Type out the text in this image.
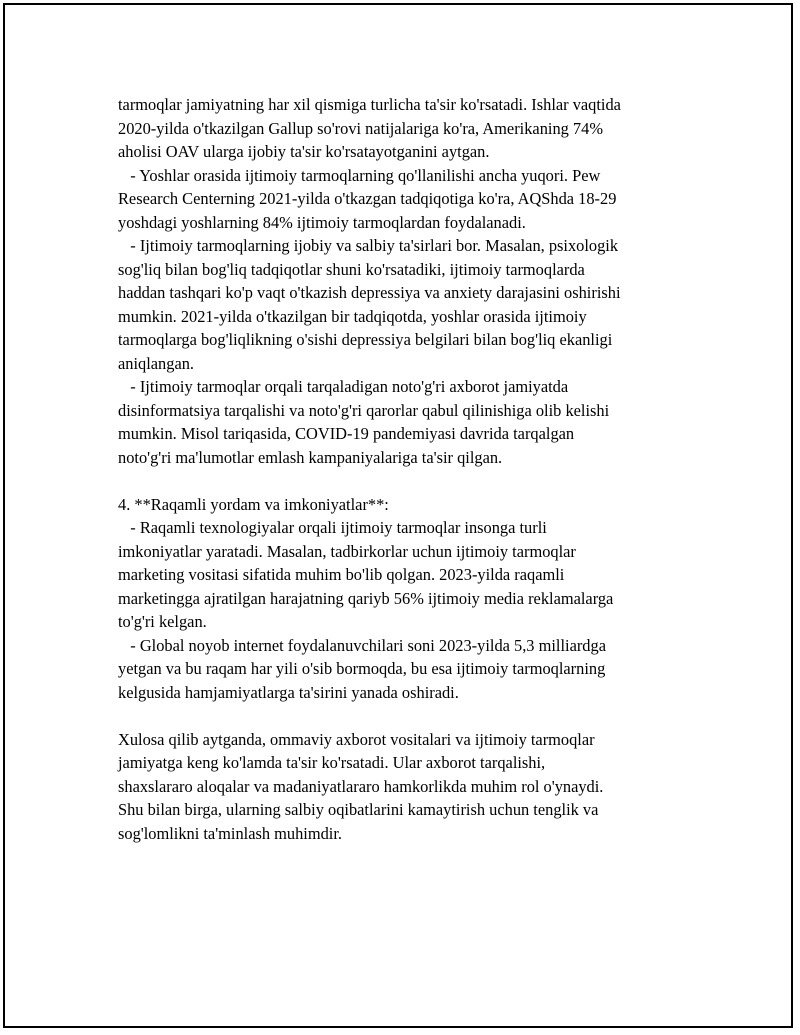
tarmoqlar jamiyatning har xil qismiga turlicha ta'sir ko'rsatadi. Ishlar vaqtida
2020-yilda o'tkazilgan Gallup so'rovi natijalariga ko'ra, Amerikaning 74%
aholisi OAV ularga ijobiy ta'sir ko'rsatayotganini aytgan.
- Yoshlar orasida ijtimoiy tarmoqlarning qo'llanilishi ancha yuqori. Pew
Research Centerning 2021-yilda o'tkazgan tadqiqotiga ko'ra, AQShda 18-29
yoshdagi yoshlarning 84% ijtimoiy tarmoqlardan foydalanadi.
- Ijtimoiy tarmoqlarning ijobiy va salbiy ta'sirlari bor. Masalan, psixologik
sog'liq bilan bog'liq tadqiqotlar shuni ko'rsatadiki, ijtimoiy tarmoqlarda
haddan tashqari ko'p vaqt o'tkazish depressiya va anxiety darajasini oshirishi
mumkin. 2021-yilda o'tkazilgan bir tadqiqotda, yoshlar orasida ijtimoiy
tarmoqlarga bog'liqlikning o'sishi depressiya belgilari bilan bog'liq ekanligi
aniqlangan.
- Ijtimoiy tarmoqlar orqali tarqaladigan noto'g'ri axborot jamiyatda
disinformatsiya tarqalishi va noto'g'ri qarorlar qabul qilinishiga olib kelishi
mumkin. Misol tariqasida, COVID-19 pandemiyasi davrida tarqalgan
noto'g'ri ma'lumotlar emlash kampaniyalariga ta'sir qilgan.
4. **Raqamli yordam va imkoniyatlar**:
- Raqamli texnologiyalar orqali ijtimoiy tarmoqlar insonga turli
imkoniyatlar yaratadi. Masalan, tadbirkorlar uchun ijtimoiy tarmoqlar
marketing vositasi sifatida muhim bo'lib qolgan. 2023-yilda raqamli
marketingga ajratilgan harajatning qariyb 56% ijtimoiy media reklamalarga
to'g'ri kelgan.
- Global noyob internet foydalanuvchilari soni 2023-yilda 5,3 milliardga
yetgan va bu raqam har yili o'sib bormoqda, bu esa ijtimoiy tarmoqlarning
kelgusida hamjamiyatlarga ta'sirini yanada oshiradi.
Xulosa qilib aytganda, ommaviy axborot vositalari va ijtimoiy tarmoqlar
jamiyatga keng ko'lamda ta'sir ko'rsatadi. Ular axborot tarqalishi,
shaxslararo aloqalar va madaniyatlararo hamkorlikda muhim rol o'ynaydi.
Shu bilan birga, ularning salbiy oqibatlarini kamaytirish uchun tenglik va
sog'lomlikni ta'minlash muhimdir.
